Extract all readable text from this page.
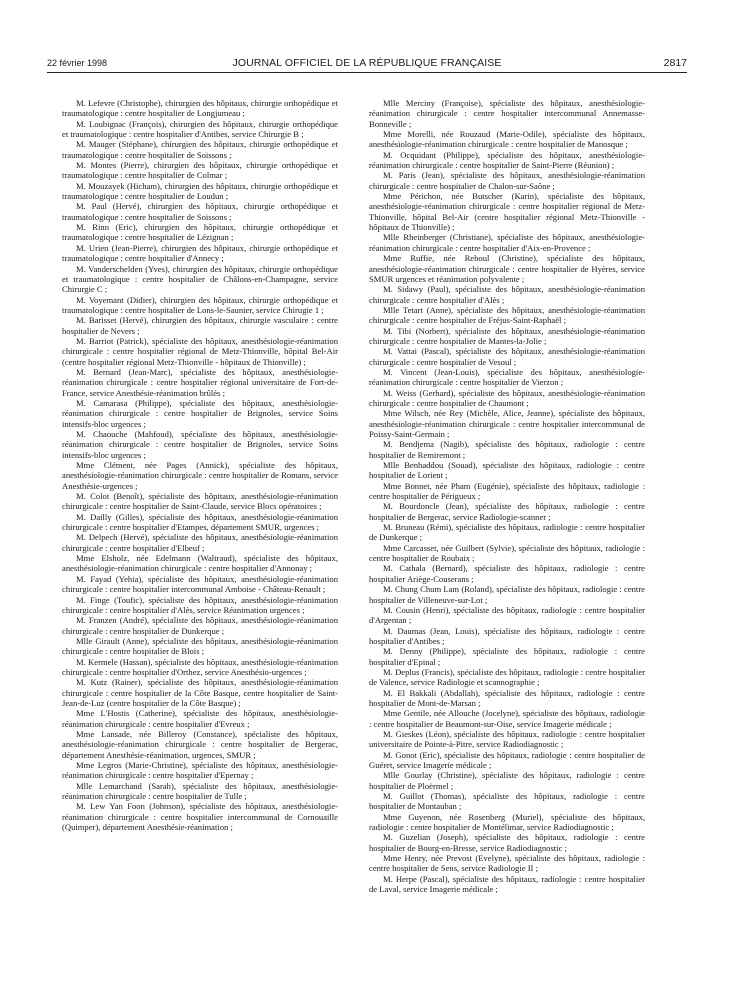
22 février 1998	JOURNAL OFFICIEL DE LA RÉPUBLIQUE FRANÇAISE	2817

M. Lefevre (Christophe), chirurgien des hôpitaux, chirurgie orthopédique et traumatologique : centre hospitalier de Longjumeau ;

M. Loubignac (François), chirurgien des hôpitaux, chirurgie orthopédique et traumatologique : centre hospitalier d'Antibes, service Chirurgie B ;

M. Mauger (Stéphane), chirurgien des hôpitaux, chirurgie orthopédique et traumatologique : centre hospitalier de Soissons ;

M. Montes (Pierre), chirurgien des hôpitaux, chirurgie orthopédique et traumatologique : centre hospitalier de Colmar ;

M. Mouzayek (Hicham), chirurgien des hôpitaux, chirurgie orthopédique et traumatologique : centre hospitalier de Loudun ;

M. Paul (Hervé), chirurgien des hôpitaux, chirurgie orthopédique et traumatologique : centre hospitalier de Soissons ;

M. Rinn (Eric), chirurgien des hôpitaux, chirurgie orthopédique et traumatologique : centre hospitalier de Lézignan ;

M. Urien (Jean-Pierre), chirurgien des hôpitaux, chirurgie orthopédique et traumatologique : centre hospitalier d'Annecy ;

M. Vanderschelden (Yves), chirurgien des hôpitaux, chirurgie orthopédique et traumatologique : centre hospitalier de Châlons-en-Champagne, service Chirurgie C ;

M. Voyemant (Didier), chirurgien des hôpitaux, chirurgie orthopédique et traumatologique : centre hospitalier de Lons-le-Saunier, service Chirugie 1 ;

M. Barisset (Hervé), chirurgien des hôpitaux, chirurgie vasculaire : centre hospitalier de Nevers ;

M. Barriot (Patrick), spécialiste des hôpitaux, anesthésiologie-réanimation chirurgicale : centre hospitalier régional de Metz-Thionville, hôpital Bel-Air (centre hospitalier régional Metz-Thionville - hôpitaux de Thionville) ;

M. Bernard (Jean-Marc), spécialiste des hôpitaux, anesthésiologie-réanimation chirurgicale : centre hospitalier régional universitaire de Fort-de-France, service Anesthésie-réanimation brûlés ;

M. Camarasa (Philippe), spécialiste des hôpitaux, anesthésiologie-réanimation chirurgicale : centre hospitalier de Brignoles, service Soins intensifs-bloc urgences ;

M. Chaouche (Mahfoud), spécialiste des hôpitaux, anesthésiologie-réanimation chirurgicale : centre hospitalier de Brignoles, service Soins intensifs-bloc urgences ;

Mme Clément, née Pages (Annick), spécialiste des hôpitaux, anesthésiologie-réanimation chirurgicale : centre hospitalier de Romans, service Anesthésie-urgences ;

M. Colot (Benoît), spécialiste des hôpitaux, anesthésiologie-réanimation chirurgicale : centre hospitalier de Saint-Claude, service Blocs opératoires ;

M. Dailly (Gilles), spécialiste des hôpitaux, anesthésiologie-réanimation chirurgicale : centre hospitalier d'Etampes, département SMUR, urgences ;

M. Delpech (Hervé), spécialiste des hôpitaux, anesthésiologie-réanimation chirurgicale : centre hospitalier d'Elbeuf ;

Mme Elsholz, née Edelmann (Waltraud), spécialiste des hôpitaux, anesthésiologie-réanimation chirurgicale : centre hospitalier d'Annonay ;

M. Fayad (Yehia), spécialiste des hôpitaux, anesthésiologie-réanimation chirurgicale : centre hospitalier intercommunal Amboise - Château-Renault ;

M. Finge (Toufic), spécialiste des hôpitaux, anesthésiologie-réanimation chirurgicale : centre hospitalier d'Alès, service Réanimation urgences ;

M. Franzen (André), spécialiste des hôpitaux, anesthésiologie-réanimation chirurgicale : centre hospitalier de Dunkerque ;

Mlle Girault (Anne), spécialiste des hôpitaux, anesthésiologie-réanimation chirurgicale : centre hospitalier de Blois ;

M. Kermele (Hassan), spécialiste des hôpitaux, anesthésiologie-réanimation chirurgicale : centre hospitalier d'Orthez, service Anesthésio-urgences ;

M. Kutz (Rainer), spécialiste des hôpitaux, anesthésiologie-réanimation chirurgicale : centre hospitalier de la Côte Basque, centre hospitalier de Saint-Jean-de-Luz (centre hospitalier de la Côte Basque) ;

Mme L'Hostis (Catherine), spécialiste des hôpitaux, anesthésiologie-réanimation chirurgicale : centre hospitalier d'Evreux ;

Mme Lansade, née Billeroy (Constance), spécialiste des hôpitaux, anesthésiologie-réanimation chirurgicale : centre hospitalier de Bergerac, département Anesthésie-réanimation, urgences, SMUR ;

Mme Legros (Marie-Christine), spécialiste des hôpitaux, anesthésiologie-réanimation chirurgicale : centre hospitalier d'Epernay ;

Mlle Lemarchand (Sarah), spécialiste des hôpitaux, anesthésiologie-réanimation chirurgicale : centre hospitalier de Tulle ;

M. Lew Yan Foon (Johnson), spécialiste des hôpitaux, anesthésiologie-réanimation chirurgicale : centre hospitalier intercommunal de Cornouaille (Quimper), département Anesthésie-réanimation ;

Mlle Merciny (Françoise), spécialiste des hôpitaux, anesthésiologie-réanimation chirurgicale : centre hospitalier intercommunal Annemasse-Bonneville ;

Mme Morelli, née Rouzaud (Marie-Odile), spécialiste des hôpitaux, anesthésiologie-réanimation chirurgicale : centre hospitalier de Manosque ;

M. Ocquidant (Philippe), spécialiste des hôpitaux, anesthésiologie-réanimation chirurgicale : centre hospitalier de Saint-Pierre (Réunion) ;

M. Paris (Jean), spécialiste des hôpitaux, anesthésiologie-réanimation chirurgicale : centre hospitalier de Chalon-sur-Saône ;

Mme Périchon, née Butscher (Karin), spécialiste des hôpitaux, anesthésiologie-réanimation chirurgicale : centre hospitalier régional de Metz-Thionville, hôpital Bel-Air (centre hospitalier régional Metz-Thionville - hôpitaux de Thionville) ;

Mlle Rheinberger (Christiane), spécialiste des hôpitaux, anesthésiologie-réanimation chirurgicale : centre hospitalier d'Aix-en-Provence ;

Mme Ruffie, née Rehoul (Christine), spécialiste des hôpitaux, anesthésiologie-réanimation chirurgicale : centre hospitalier de Hyères, service SMUR urgences et réanimation polyvalente ;

M. Sidawy (Paul), spécialiste des hôpitaux, anesthésiologie-réanimation chirurgicale : centre hospitalier d'Alès ;

Mlle Tetart (Anne), spécialiste des hôpitaux, anesthésiologie-réanimation chirurgicale : centre hospitalier de Fréjus-Saint-Raphaël ;

M. Tibi (Norbert), spécialiste des hôpitaux, anesthésiologie-réanimation chirurgicale : centre hospitalier de Mantes-la-Jolie ;

M. Vattai (Pascal), spécialiste des hôpitaux, anesthésiologie-réanimation chirurgicale : centre hospitalier de Vesoul ;

M. Vincent (Jean-Louis), spécialiste des hôpitaux, anesthésiologie-réanimation chirurgicale : centre hospitalier de Vierzon ;

M. Weiss (Gerhard), spécialiste des hôpitaux, anesthésiologie-réanimation chirurgicale : centre hospitalier de Chaumont ;

Mme Wilsch, née Rey (Michèle, Alice, Jeanne), spécialiste des hôpitaux, anesthésiologie-réanimation chirurgicale : centre hospitalier intercommunal de Poissy-Saint-Germain ;

M. Bendjema (Nagib), spécialiste des hôpitaux, radiologie : centre hospitalier de Remiremont ;

Mlle Benhaddou (Souad), spécialiste des hôpitaux, radiologie : centre hospitalier de Lorient ;

Mme Bonnet, née Pham (Eugénie), spécialiste des hôpitaux, radiologie : centre hospitalier de Périgueux ;

M. Bourdoncle (Jean), spécialiste des hôpitaux, radiologie : centre hospitalier de Bergerac, service Radiologie-scanner ;

M. Bruneau (Rémi), spécialiste des hôpitaux, radiologie : centre hospitalier de Dunkerque ;

Mme Carcasset, née Guilbert (Sylvie), spécialiste des hôpitaux, radiologie : centre hospitalier de Roubaix ;

M. Cathala (Bernard), spécialiste des hôpitaux, radiologie : centre hospitalier Ariège-Couserans ;

M. Chung Chum Lam (Roland), spécialiste des hôpitaux, radiologie : centre hospitalier de Villeneuve-sur-Lot ;

M. Cousin (Henri), spécialiste des hôpitaux, radiologie : centre hospitalier d'Argentan ;

M. Daumas (Jean, Louis), spécialiste des hôpitaux, radiologie : centre hospitalier d'Antibes ;

M. Denny (Philippe), spécialiste des hôpitaux, radiologie : centre hospitalier d'Epinal ;

M. Deplus (Francis), spécialiste des hôpitaux, radiologie : centre hospitalier de Valence, service Radiologie et scannographie ;

M. El Bakkali (Abdallah), spécialiste des hôpitaux, radiologie : centre hospitalier de Mont-de-Marsan ;

Mme Gentile, née Allouche (Jocelyne), spécialiste des hôpitaux, radiologie : centre hospitalier de Beaumont-sur-Oise, service Imagerie médicale ;

M. Gieskes (Léon), spécialiste des hôpitaux, radiologie : centre hospitalier universitaire de Pointe-à-Pitre, service Radiodiagnostic ;

M. Gonot (Eric), spécialiste des hôpitaux, radiologie : centre hospitalier de Guéret, service Imagerie médicale ;

Mlle Gourlay (Christine), spécialiste des hôpitaux, radiologie : centre hospitalier de Ploërmel ;

M. Guillot (Thomas), spécialiste des hôpitaux, radiologie : centre hospitalier de Montauban ;

Mme Guyenon, née Rosenberg (Muriel), spécialiste des hôpitaux, radiologie : centre hospitalier de Montélimar, service Radiodiagnostic ;

M. Guzelian (Joseph), spécialiste des hôpitaux, radiologie : centre hospitalier de Bourg-en-Bresse, service Radiodiagnostic ;

Mme Henry, née Prevost (Evelyne), spécialiste des hôpitaux, radiologie : centre hospitalier de Sens, service Radiologie II ;

M. Herpe (Pascal), spécialiste des hôpitaux, radiologie : centre hospitalier de Laval, service Imagerie médicale ;
